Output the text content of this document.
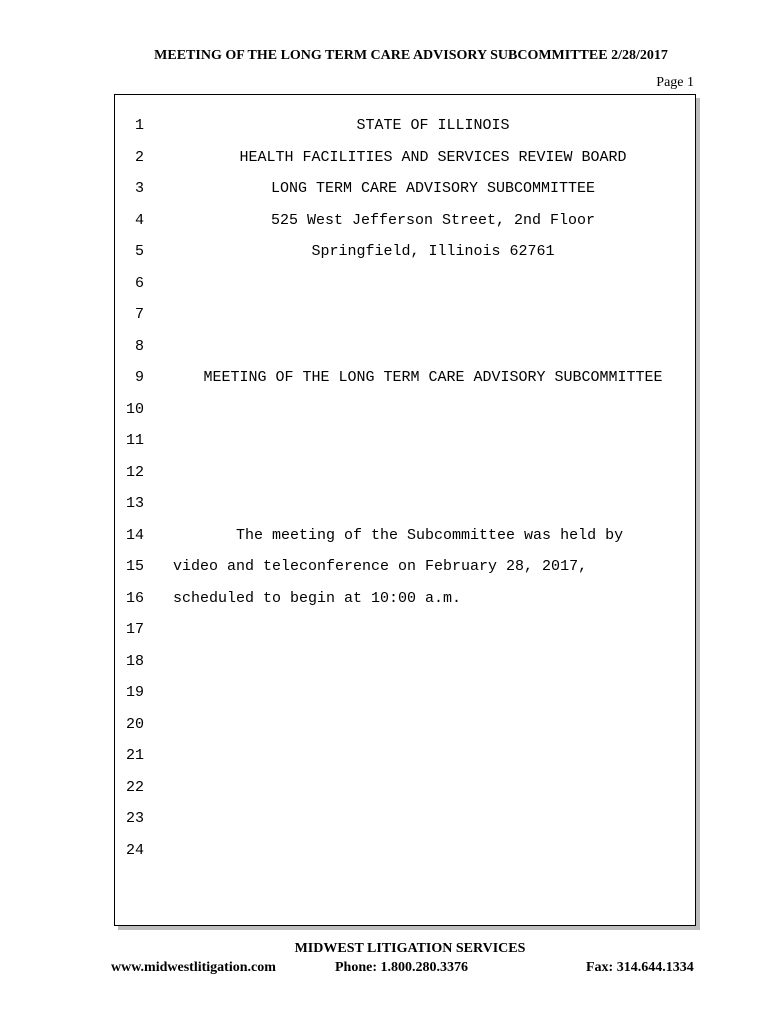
MEETING OF THE LONG TERM CARE ADVISORY SUBCOMMITTEE 2/28/2017
Page 1
1	STATE OF ILLINOIS
2	HEALTH FACILITIES AND SERVICES REVIEW BOARD
3	LONG TERM CARE ADVISORY SUBCOMMITTEE
4	525 West Jefferson Street, 2nd Floor
5	Springfield, Illinois 62761
6
7
8
9	MEETING OF THE LONG TERM CARE ADVISORY SUBCOMMITTEE
10
11
12
13
14 The meeting of the Subcommittee was held by
15 video and teleconference on February 28, 2017,
16 scheduled to begin at 10:00 a.m.
17
18
19
20
21
22
23
24
MIDWEST LITIGATION SERVICES
www.midwestlitigation.com	Phone: 1.800.280.3376	Fax: 314.644.1334
